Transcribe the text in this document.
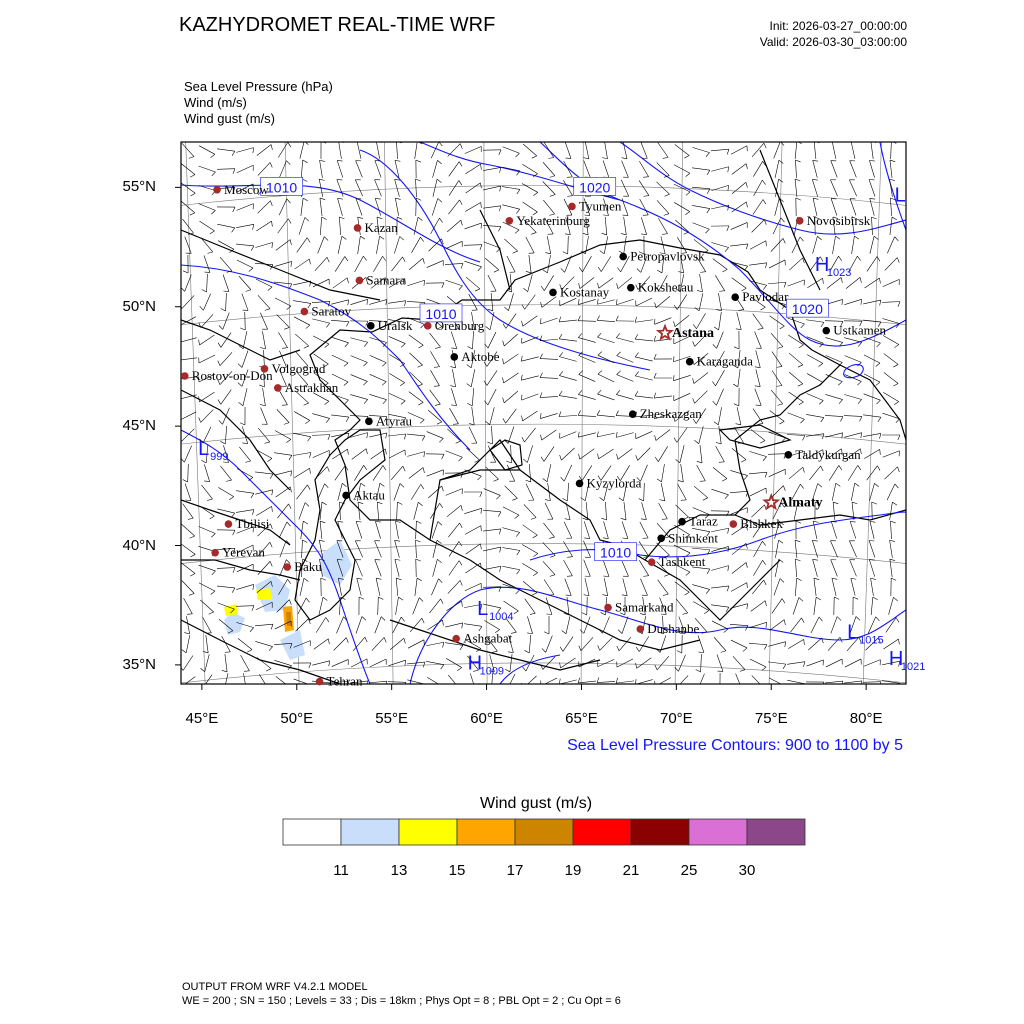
KAZHYDROMET REAL-TIME WRF	Init: 2026-03-27_00:00:00
Valid: 2026-03-30_03:00:00
Sea Level Pressure (hPa)
Wind (m/s)
Wind gust (m/s)
1010	1020
1010	1020
1010
L 999
H
1023
L 1004
H
1009
L 1015
H
1021
L
Moscow
Kazan
Tyumen
Yekaterinburg	Novosibirsk
Samara
Petropavlovsk
Kostanay Kokshetau
Pavlodar
Saratov
Uralsk Orenburg
Astana	Ustkamen
Aktobe	Karaganda
Volgograd
Rostov-on-Don
Astrakhan
Zheskazgan
Atyrau
Taldykurgan
Kyzylorda
Aktau
Almaty
Tbilisi	Taraz Bishkek
Shimkent
Yerevan
Baku	Tashkent
Samarkand
Dushanbe
Ashgabat
Tehran
55°N
50°N
45°N
40°N
35°N
45°E	50°E	55°E	60°E	65°E	70°E	75°E	80°E
Sea Level Pressure Contours: 900 to 1100 by 5
Wind gust (m/s)
11	13	15	17	19	21	25	30
OUTPUT FROM WRF V4.2.1 MODEL
WE = 200 ; SN = 150 ; Levels = 33 ; Dis = 18km ; Phys Opt = 8 ; PBL Opt = 2 ; Cu Opt = 6
